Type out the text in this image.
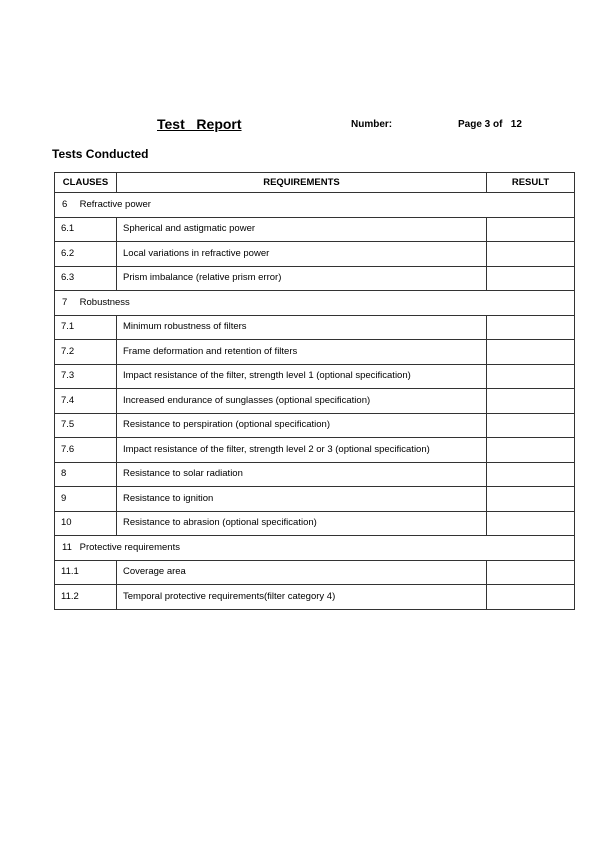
Test   Report	Number:	Page 3 of   12
Tests Conducted
CLAUSES	REQUIREMENTS	RESULT
6 Refractive power		
6.1	Spherical and astigmatic power	
6.2	Local variations in refractive power	
6.3	Prism imbalance (relative prism error)	
7 Robustness		
7.1	Minimum robustness of filters	
7.2	Frame deformation and retention of filters	
7.3	Impact resistance of the filter, strength level 1 (optional specification)	
7.4	Increased endurance of sunglasses (optional specification)	
7.5	Resistance to perspiration (optional specification)	
7.6	Impact resistance of the filter, strength level 2 or 3 (optional specification)	
8	Resistance to solar radiation	
9	Resistance to ignition	
10	Resistance to abrasion (optional specification)	
11 Protective requirements		
11.1	Coverage area	
11.2	Temporal protective requirements(filter category 4)	
